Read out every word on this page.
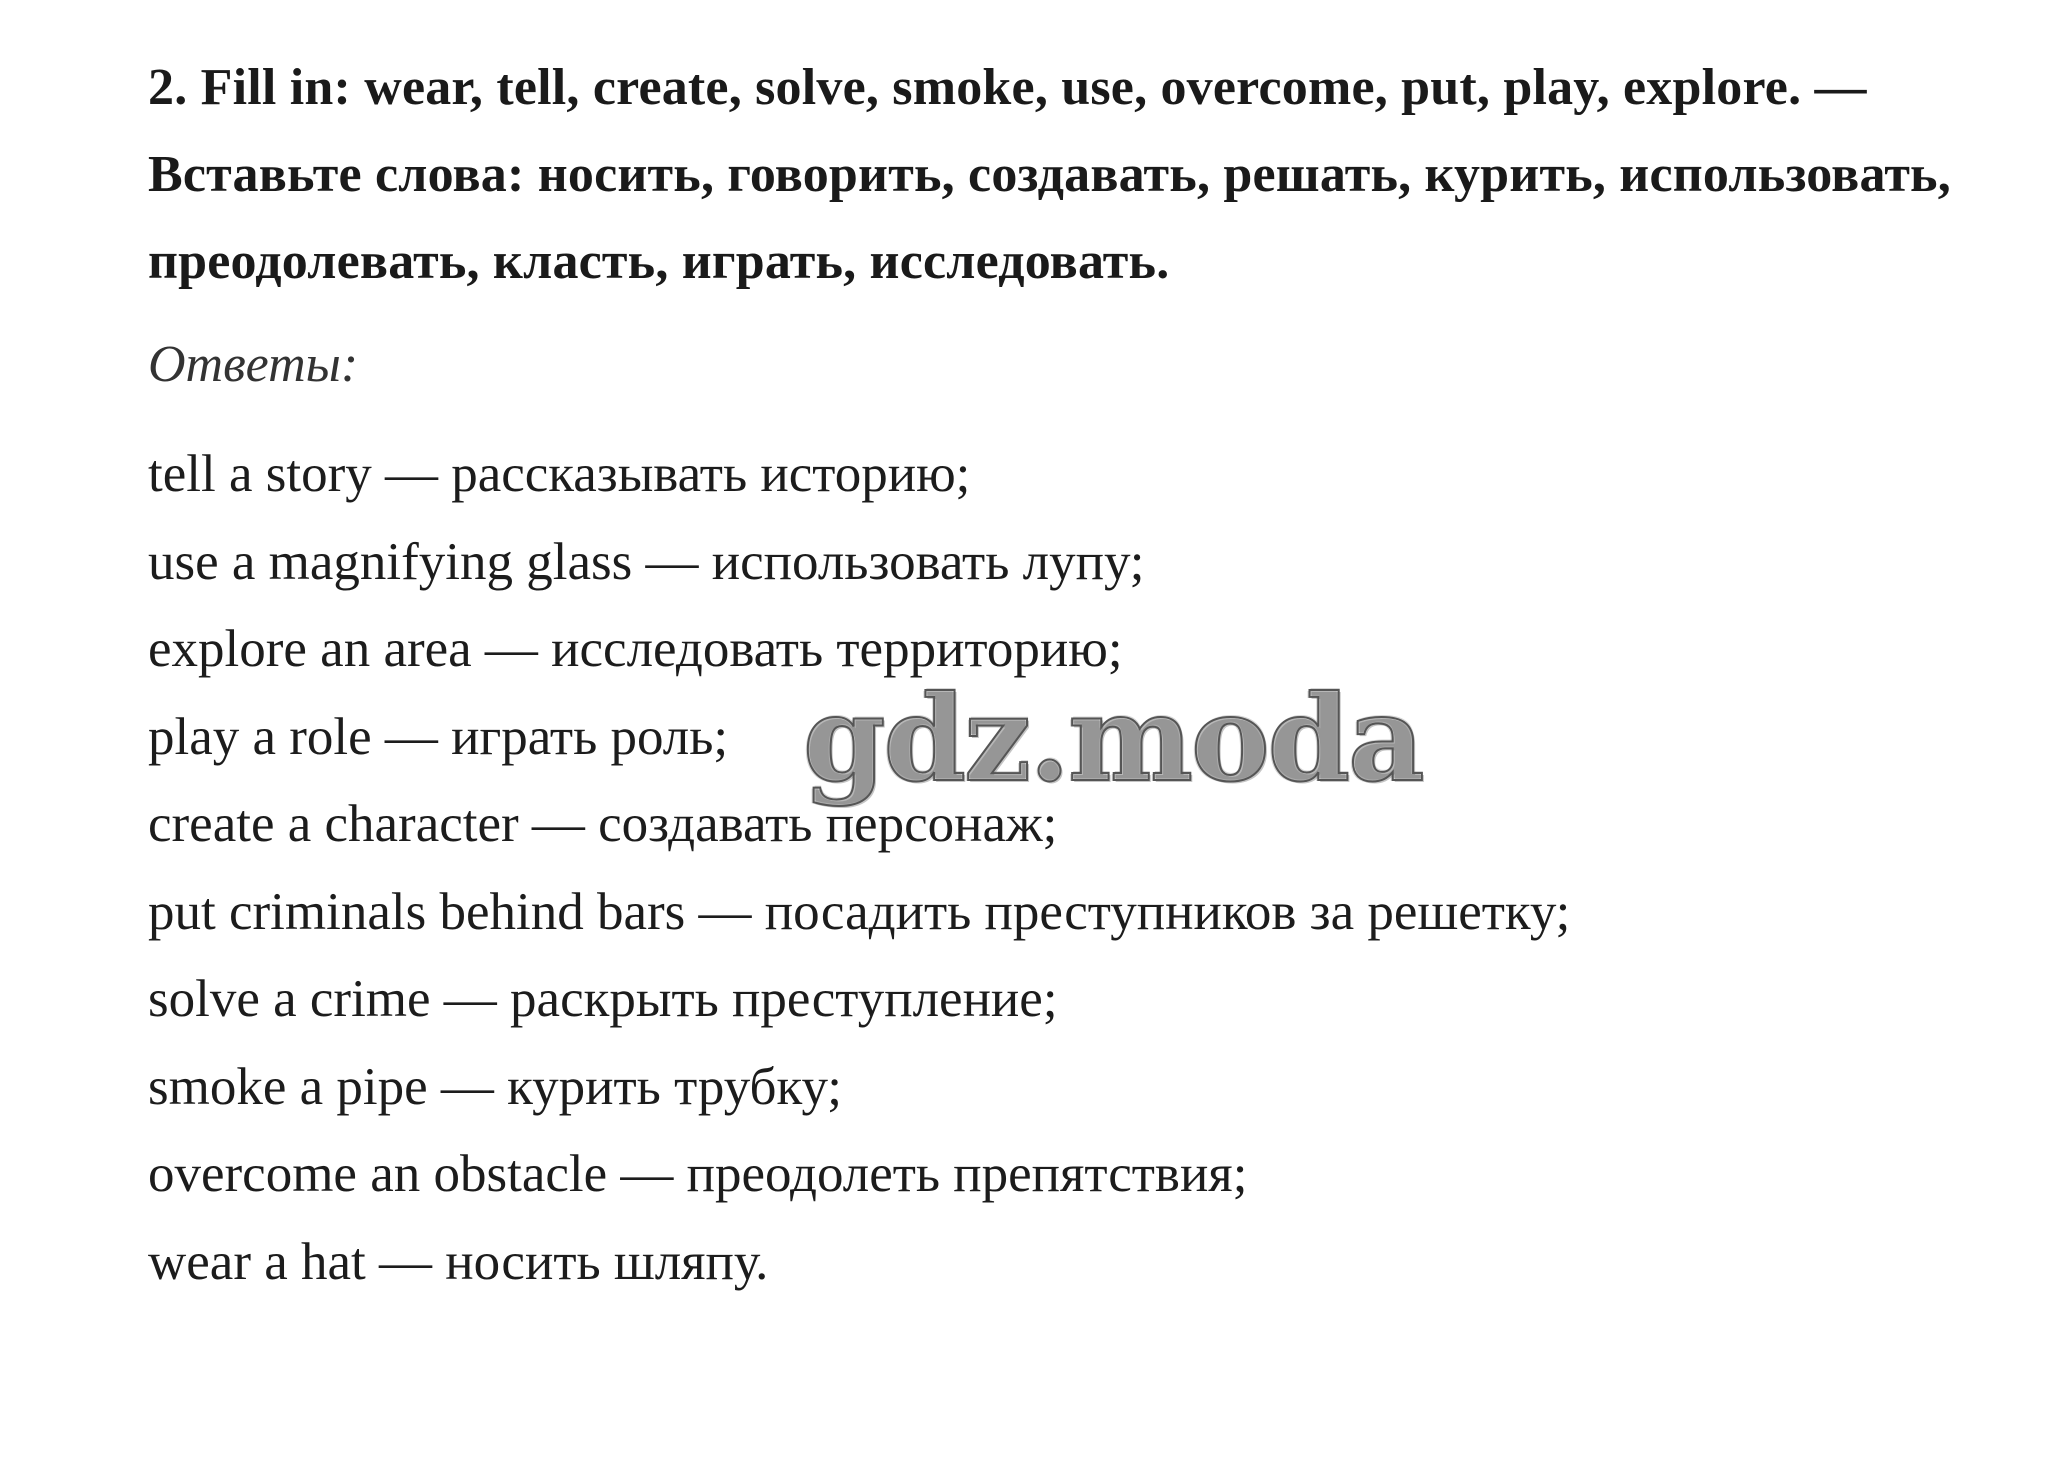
2. Fill in: wear, tell, create, solve, smoke, use, overcome, put, play, explore. — Вставьте слова: носить, говорить, создавать, решать, курить, использовать, преодолевать, класть, играть, исследовать.

Ответы:

tell a story — рассказывать историю;
use a magnifying glass — использовать лупу;
explore an area — исследовать территорию;
play a role — играть роль;
create a character — создавать персонаж;
put criminals behind bars — посадить преступников за решетку;
solve a crime — раскрыть преступление;
smoke a pipe — курить трубку;
overcome an obstacle — преодолеть препятствия;
wear a hat — носить шляпу.
gdz.moda
